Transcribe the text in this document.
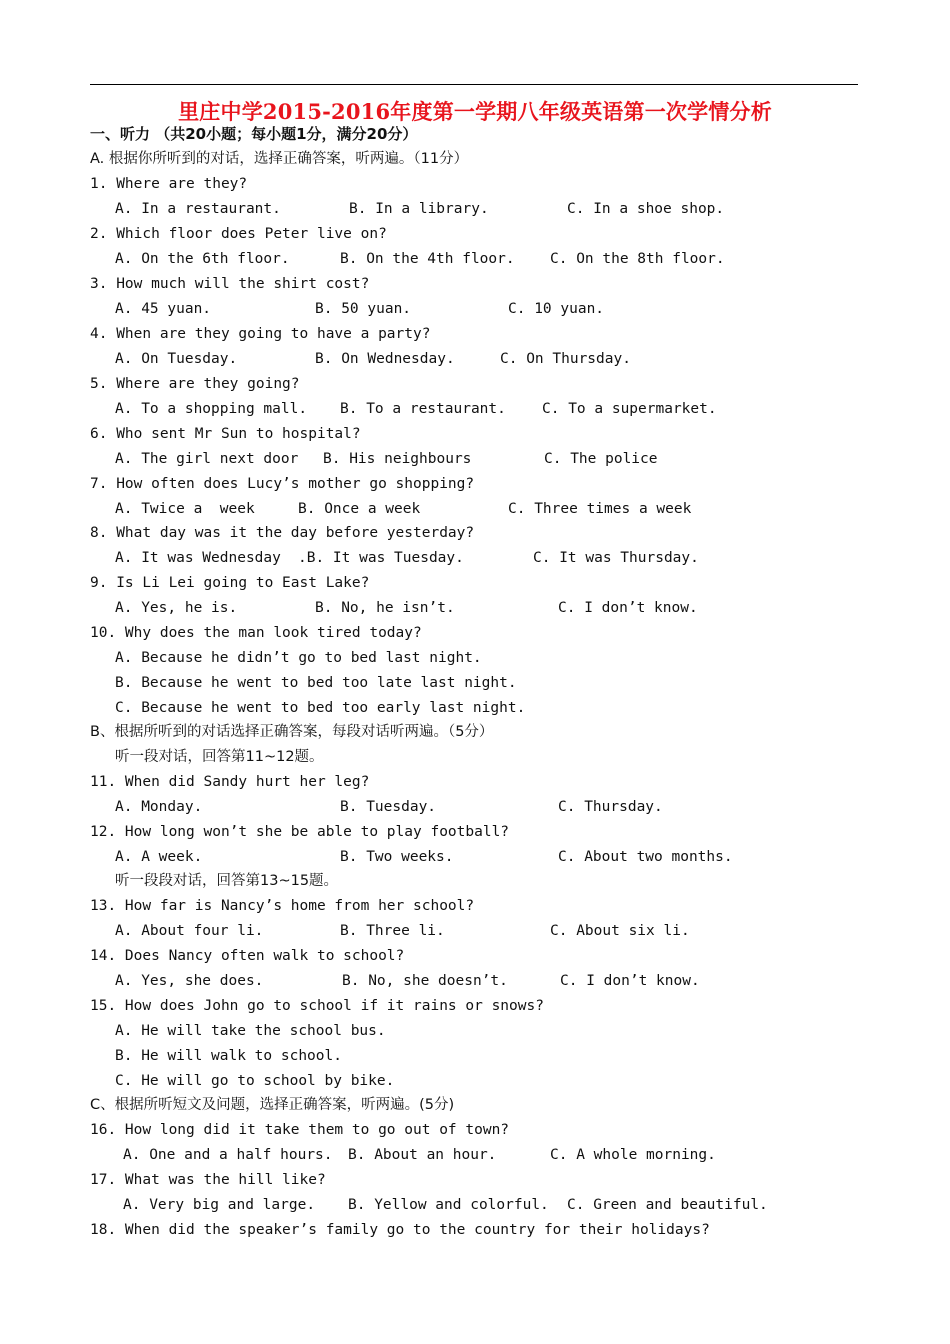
里庄中学2015-2016年度第一学期八年级英语第一次学情分析
一、听力 （共20小题；每小题1分，满分20分）
A. 根据你所听到的对话，选择正确答案，听两遍。（11分）
1. Where are they?
A. In a restaurant.	B. In a library.	C. In a shoe shop.
2. Which floor does Peter live on?
A. On the 6th floor.	B. On the 4th floor. C. On the 8th floor.
3. How much will the shirt cost?
A. 45 yuan.	B. 50 yuan.	C. 10 yuan.
4. When are they going to have a party?
A. On Tuesday.	B. On Wednesday.	C. On Thursday.
5. Where are they going?
A. To a shopping mall. B. To a restaurant. C. To a supermarket.
6. Who sent Mr Sun to hospital?
A. The girl next door B. His neighbours	C. The police
7. How often does Lucy’s mother go shopping?
A. Twice a  week	B. Once a week	C. Three times a week
8. What day was it the day before yesterday?
A. It was Wednesday .B. It was Tuesday.	C. It was Thursday.
9. Is Li Lei going to East Lake?
A. Yes, he is.	B. No, he isn’t.	C. I don’t know.
10. Why does the man look tired today?
A. Because he didn’t go to bed last night.
B. Because he went to bed too late last night.
C. Because he went to bed too early last night.
B、根据所听到的对话选择正确答案，每段对话听两遍。（5分）
听一段对话，回答第11~12题。
11. When did Sandy hurt her leg?
A. Monday.	B. Tuesday.	C. Thursday.
12. How long won’t she be able to play football?
A. A week.	B. Two weeks.	C. About two months.
听一段段对话，回答第13~15题。
13. How far is Nancy’s home from her school?
A. About four li.	B. Three li.	C. About six li.
14. Does Nancy often walk to school?
A. Yes, she does.	B. No, she doesn’t.	C. I don’t know.
15. How does John go to school if it rains or snows?
A. He will take the school bus.
B. He will walk to school.
C. He will go to school by bike.
C、根据所听短文及问题，选择正确答案，听两遍。(5分)
16. How long did it take them to go out of town?
A. One and a half hours. B. About an hour.	C. A whole morning.
17. What was the hill like?
A. Very big and large. B. Yellow and colorful. C. Green and beautiful.
18. When did the speaker’s family go to the country for their holidays?
